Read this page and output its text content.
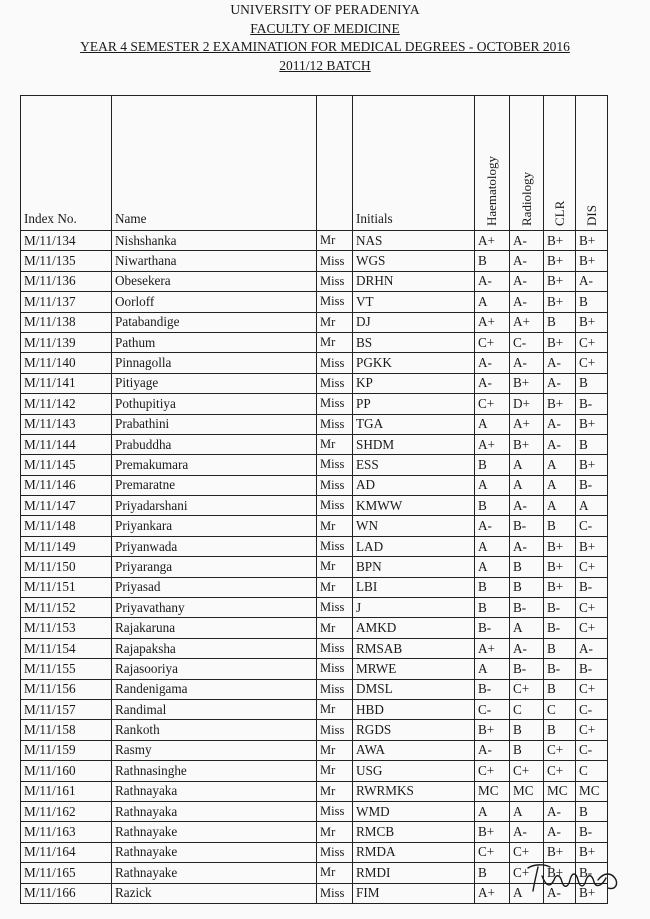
UNIVERSITY OF PERADENIYA
FACULTY OF MEDICINE
YEAR 4 SEMESTER 2 EXAMINATION FOR MEDICAL DEGREES - OCTOBER 2016
2011/12 BATCH
Index No.	Name		Initials	Haematology	Radiology	CLR	DIS

M/11/134	Nishshanka	Mr	NAS	A+	A-	B+	B+
M/11/135	Niwarthana	Miss	WGS	B	A-	B+	B+
M/11/136	Obesekera	Miss	DRHN	A-	A-	B+	A-
M/11/137	Oorloff	Miss	VT	A	A-	B+	B
M/11/138	Patabandige	Mr	DJ	A+	A+	B	B+
M/11/139	Pathum	Mr	BS	C+	C-	B+	C+
M/11/140	Pinnagolla	Miss	PGKK	A-	A-	A-	C+
M/11/141	Pitiyage	Miss	KP	A-	B+	A-	B
M/11/142	Pothupitiya	Miss	PP	C+	D+	B+	B-
M/11/143	Prabathini	Miss	TGA	A	A+	A-	B+
M/11/144	Prabuddha	Mr	SHDM	A+	B+	A-	B
M/11/145	Premakumara	Miss	ESS	B	A	A	B+
M/11/146	Premaratne	Miss	AD	A	A	A	B-
M/11/147	Priyadarshani	Miss	KMWW	B	A-	A	A
M/11/148	Priyankara	Mr	WN	A-	B-	B	C-
M/11/149	Priyanwada	Miss	LAD	A	A-	B+	B+
M/11/150	Priyaranga	Mr	BPN	A	B	B+	C+
M/11/151	Priyasad	Mr	LBI	B	B	B+	B-
M/11/152	Priyavathany	Miss	J	B	B-	B-	C+
M/11/153	Rajakaruna	Mr	AMKD	B-	A	B-	C+
M/11/154	Rajapaksha	Miss	RMSAB	A+	A-	B	A-
M/11/155	Rajasooriya	Miss	MRWE	A	B-	B-	B-
M/11/156	Randenigama	Miss	DMSL	B-	C+	B	C+
M/11/157	Randimal	Mr	HBD	C-	C	C	C-
M/11/158	Rankoth	Miss	RGDS	B+	B	B	C+
M/11/159	Rasmy	Mr	AWA	A-	B	C+	C-
M/11/160	Rathnasinghe	Mr	USG	C+	C+	C+	C
M/11/161	Rathnayaka	Mr	RWRMKS	MC	MC	MC	MC
M/11/162	Rathnayaka	Miss	WMD	A	A	A-	B
M/11/163	Rathnayake	Mr	RMCB	B+	A-	A-	B-
M/11/164	Rathnayake	Miss	RMDA	C+	C+	B+	B+
M/11/165	Rathnayake	Mr	RMDI	B	C+	B+	B-
M/11/166	Razick	Miss	FIM	A+	A	A-	B+
